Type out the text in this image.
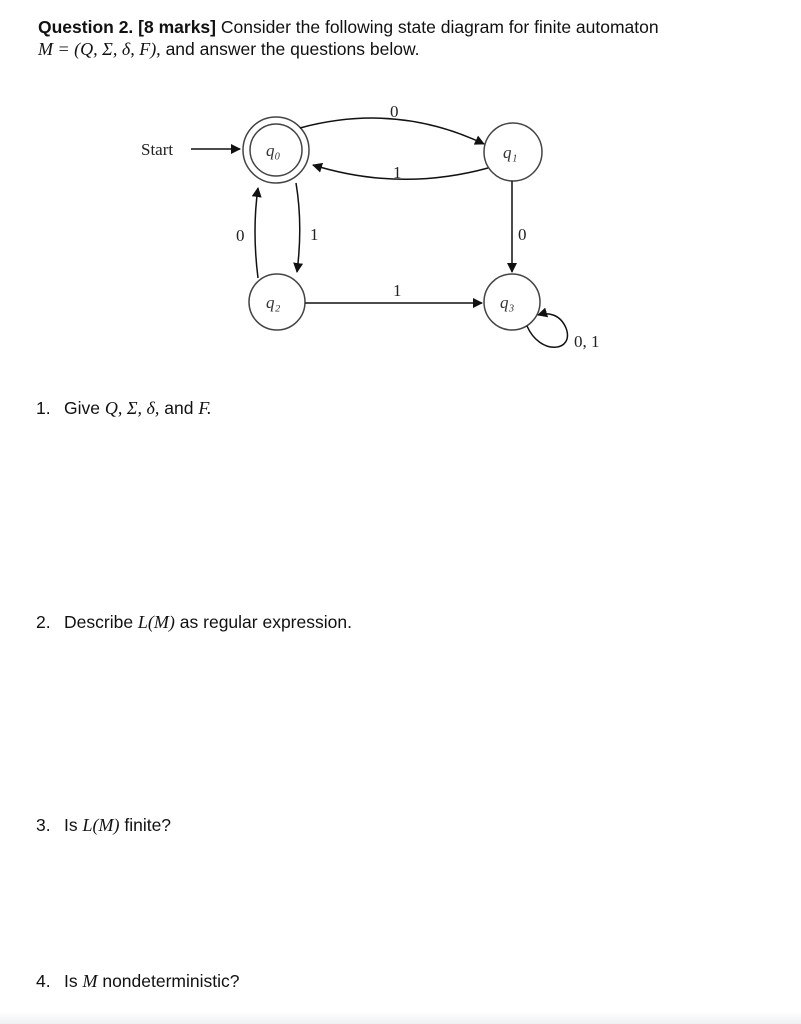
Question 2. [8 marks] Consider the following state diagram for finite automaton
M = (Q, Σ, δ, F), and answer the questions below.
Start	q₀	q₁
q₂	q₃
0
1
0	1	0
1
0, 1
1. Give Q, Σ, δ, and F.
2. Describe L(M) as regular expression.
3. Is L(M) finite?
4. Is M nondeterministic?
